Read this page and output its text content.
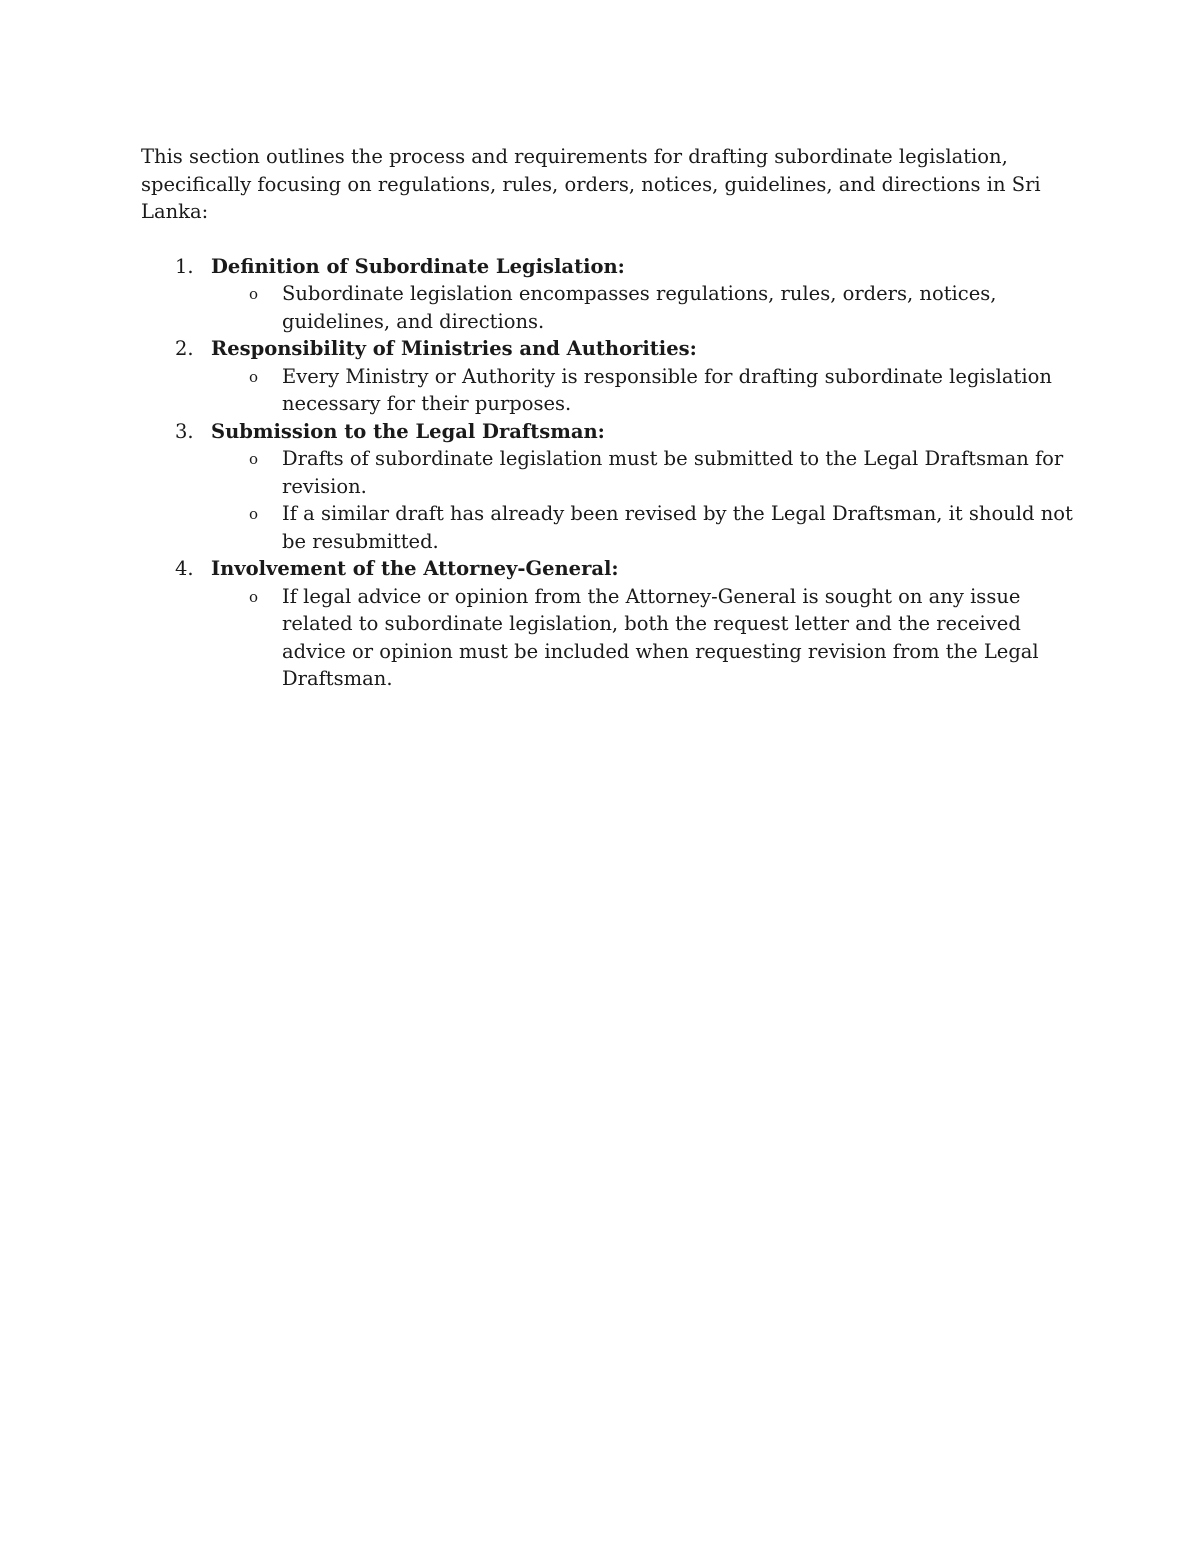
This section outlines the process and requirements for drafting subordinate legislation, specifically focusing on regulations, rules, orders, notices, guidelines, and directions in Sri Lanka:

1. Definition of Subordinate Legislation:
o Subordinate legislation encompasses regulations, rules, orders, notices, guidelines, and directions.
2. Responsibility of Ministries and Authorities:
o Every Ministry or Authority is responsible for drafting subordinate legislation necessary for their purposes.
3. Submission to the Legal Draftsman:
o Drafts of subordinate legislation must be submitted to the Legal Draftsman for revision.
o If a similar draft has already been revised by the Legal Draftsman, it should not be resubmitted.
4. Involvement of the Attorney-General:
o If legal advice or opinion from the Attorney-General is sought on any issue related to subordinate legislation, both the request letter and the received advice or opinion must be included when requesting revision from the Legal Draftsman.
